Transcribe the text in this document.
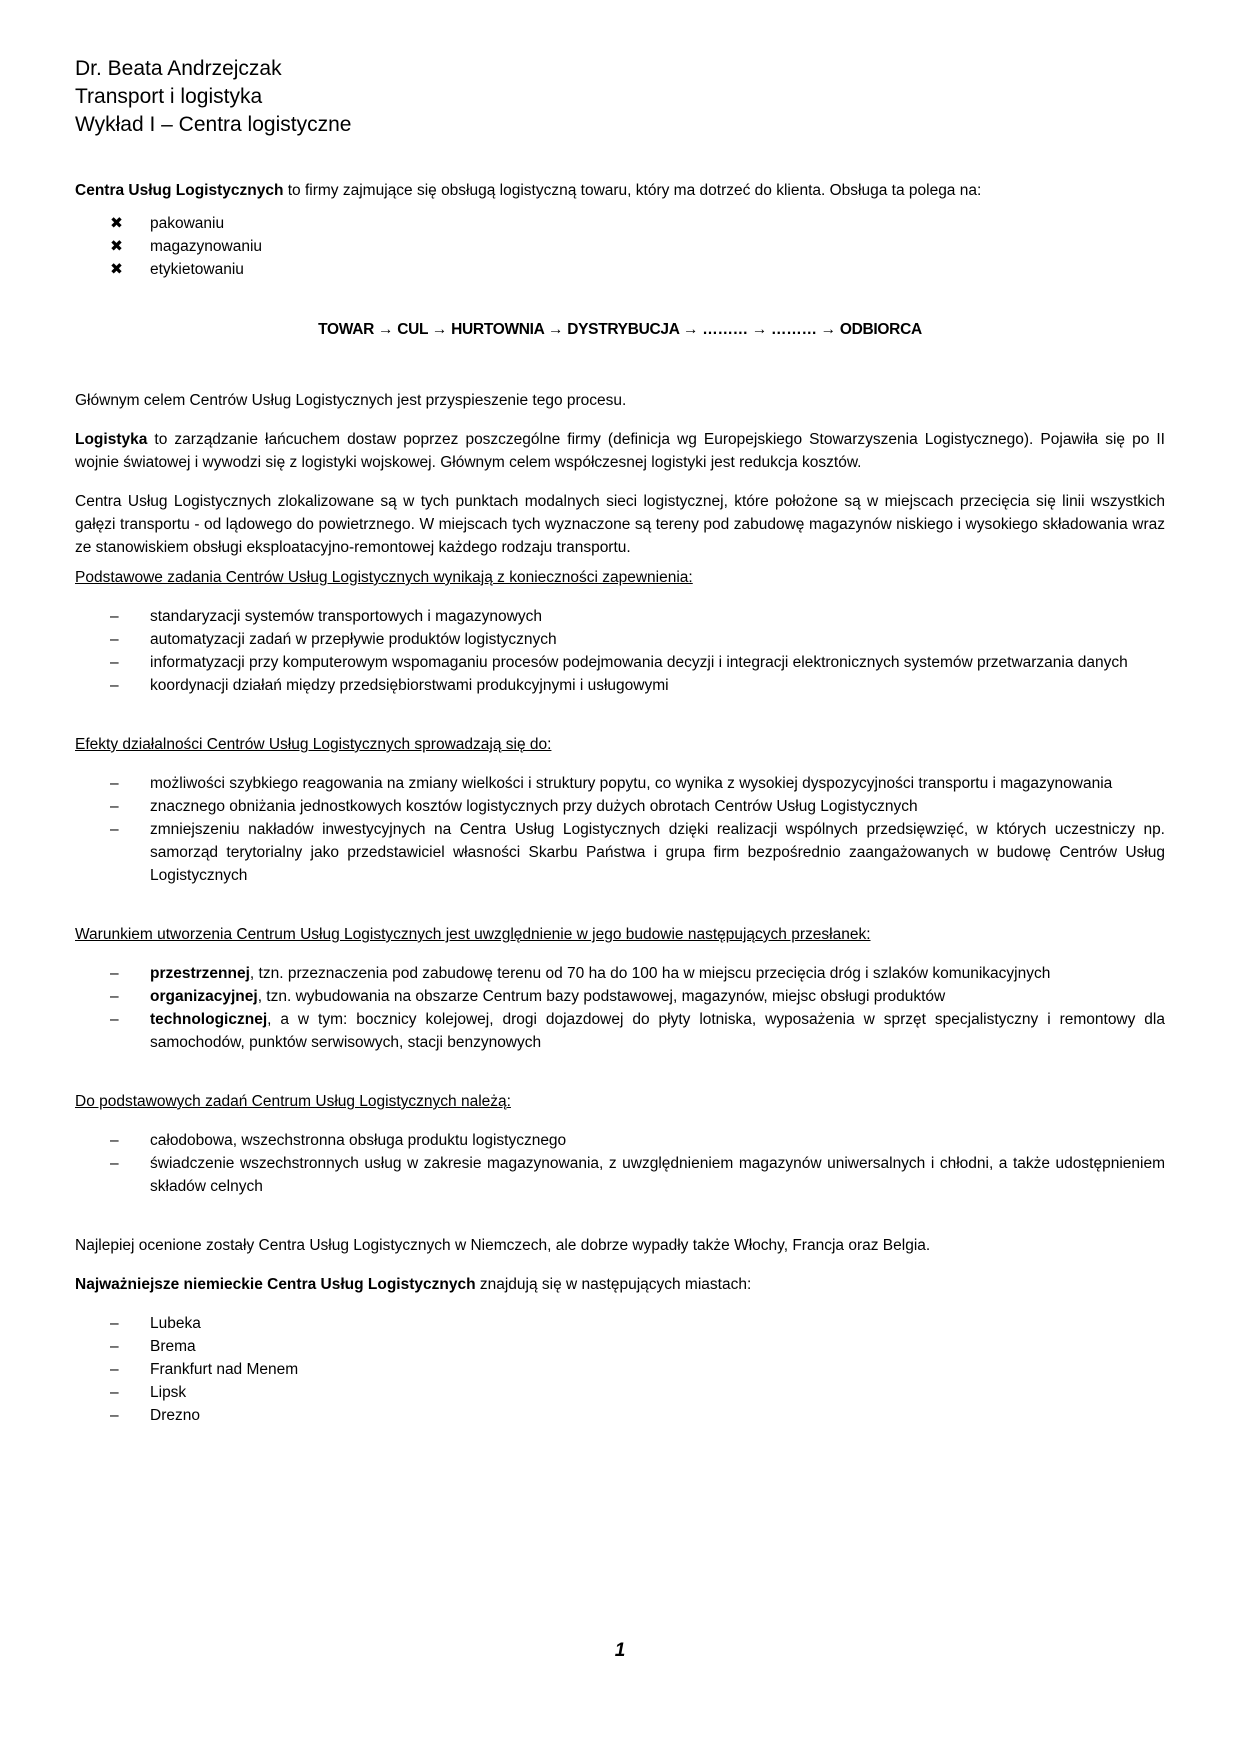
Dr. Beata Andrzejczak

Transport i logistyka

Wykład I – Centra logistyczne

Centra Usług Logistycznych to firmy zajmujące się obsługą logistyczną towaru, który ma dotrzeć do klienta. Obsługa ta polega na:

✖	pakowaniu
✖	magazynowaniu
✖	etykietowaniu

TOWAR → CUL → HURTOWNIA → DYSTRYBUCJA → ……… → ……… → ODBIORCA

Głównym celem Centrów Usług Logistycznych jest przyspieszenie tego procesu.

Logistyka to zarządzanie łańcuchem dostaw poprzez poszczególne firmy (definicja wg Europejskiego Stowarzyszenia Logistycznego). Pojawiła się po II wojnie światowej i wywodzi się z logistyki wojskowej. Głównym celem współczesnej logistyki jest redukcja kosztów.

Centra Usług Logistycznych zlokalizowane są w tych punktach modalnych sieci logistycznej, które położone są w miejscach przecięcia się linii wszystkich gałęzi transportu - od lądowego do powietrznego. W miejscach tych wyznaczone są tereny pod zabudowę magazynów niskiego i wysokiego składowania wraz ze stanowiskiem obsługi eksploatacyjno-remontowej każdego rodzaju transportu.

Podstawowe zadania Centrów Usług Logistycznych wynikają z konieczności zapewnienia:

–	standaryzacji systemów transportowych i magazynowych
–	automatyzacji zadań w przepływie produktów logistycznych
–	informatyzacji przy komputerowym wspomaganiu procesów podejmowania decyzji i integracji elektronicznych systemów przetwarzania danych
–	koordynacji działań między przedsiębiorstwami produkcyjnymi i usługowymi

Efekty działalności Centrów Usług Logistycznych sprowadzają się do:

–	możliwości szybkiego reagowania na zmiany wielkości i struktury popytu, co wynika z wysokiej dyspozycyjności transportu i magazynowania
–	znacznego obniżania jednostkowych kosztów logistycznych przy dużych obrotach Centrów Usług Logistycznych
–	zmniejszeniu nakładów inwestycyjnych na Centra Usług Logistycznych dzięki realizacji wspólnych przedsięwzięć, w których uczestniczy np. samorząd terytorialny jako przedstawiciel własności Skarbu Państwa i grupa firm bezpośrednio zaangażowanych w budowę Centrów Usług Logistycznych

Warunkiem utworzenia Centrum Usług Logistycznych jest uwzględnienie w jego budowie następujących przesłanek:

–	przestrzennej, tzn. przeznaczenia pod zabudowę terenu od 70 ha do 100 ha w miejscu przecięcia dróg i szlaków komunikacyjnych
–	organizacyjnej, tzn. wybudowania na obszarze Centrum bazy podstawowej, magazynów, miejsc obsługi produktów
–	technologicznej, a w tym: bocznicy kolejowej, drogi dojazdowej do płyty lotniska, wyposażenia w sprzęt specjalistyczny i remontowy dla samochodów, punktów serwisowych, stacji benzynowych

Do podstawowych zadań Centrum Usług Logistycznych należą:

–	całodobowa, wszechstronna obsługa produktu logistycznego
–	świadczenie wszechstronnych usług w zakresie magazynowania, z uwzględnieniem magazynów uniwersalnych i chłodni, a także udostępnieniem składów celnych

Najlepiej ocenione zostały Centra Usług Logistycznych w Niemczech, ale dobrze wypadły także Włochy, Francja oraz Belgia.

Najważniejsze niemieckie Centra Usług Logistycznych znajdują się w następujących miastach:

–	Lubeka
–	Brema
–	Frankfurt nad Menem
–	Lipsk
–	Drezno
1
